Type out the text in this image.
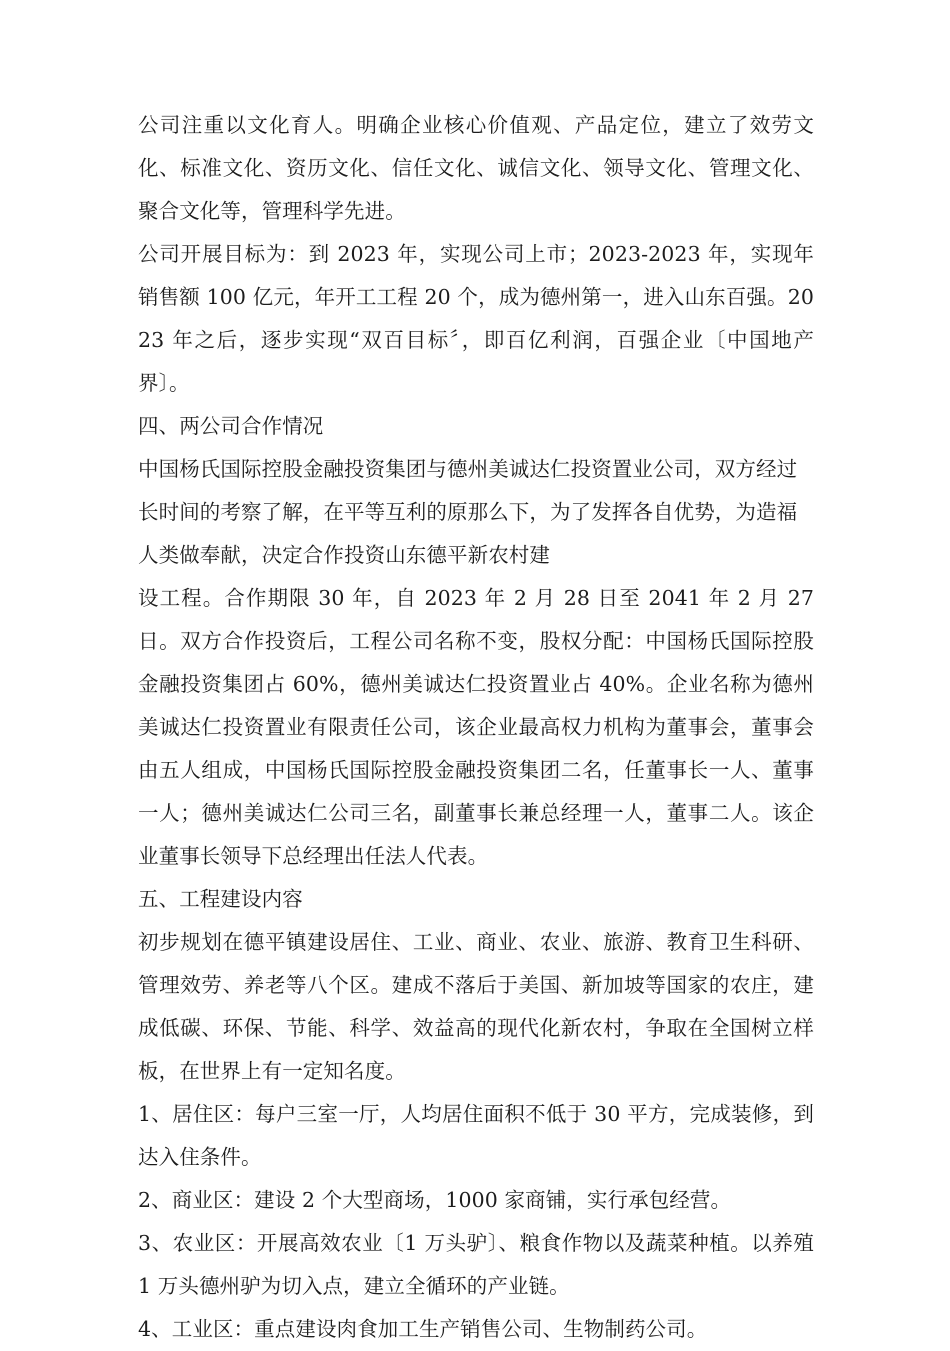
公司注重以文化育人。明确企业核心价值观、产品定位，建立了效劳文化、标准文化、资历文化、信任文化、诚信文化、领导文化、管理文化、聚合文化等，管理科学先进。

公司开展目标为：到 2023 年，实现公司上市；2023-2023 年，实现年销售额 100 亿元，年开工工程 20 个，成为德州第一，进入山东百强。2023 年之后，逐步实现“双百目标〞，即百亿利润，百强企业〔中国地产界〕。

四、两公司合作情况

中国杨氏国际控股金融投资集团与德州美诚达仁投资置业公司，双方经过长时间的考察了解，在平等互利的原那么下，为了发挥各自优势，为造福人类做奉献，决定合作投资山东德平新农村建

设工程。合作期限 30 年，自 2023 年 2 月 28 日至 2041 年 2 月 27 日。双方合作投资后，工程公司名称不变，股权分配：中国杨氏国际控股金融投资集团占 60%，德州美诚达仁投资置业占 40%。企业名称为德州美诚达仁投资置业有限责任公司，该企业最高权力机构为董事会，董事会由五人组成，中国杨氏国际控股金融投资集团二名，任董事长一人、董事一人；德州美诚达仁公司三名，副董事长兼总经理一人，董事二人。该企业董事长领导下总经理出任法人代表。

五、工程建设内容

初步规划在德平镇建设居住、工业、商业、农业、旅游、教育卫生科研、管理效劳、养老等八个区。建成不落后于美国、新加坡等国家的农庄，建成低碳、环保、节能、科学、效益高的现代化新农村，争取在全国树立样板，在世界上有一定知名度。

1、居住区：每户三室一厅，人均居住面积不低于 30 平方，完成装修，到达入住条件。

2、商业区：建设 2 个大型商场，1000 家商铺，实行承包经营。

3、农业区：开展高效农业〔1 万头驴〕、粮食作物以及蔬菜种植。以养殖 1 万头德州驴为切入点，建立全循环的产业链。

4、工业区：重点建设肉食加工生产销售公司、生物制药公司。
